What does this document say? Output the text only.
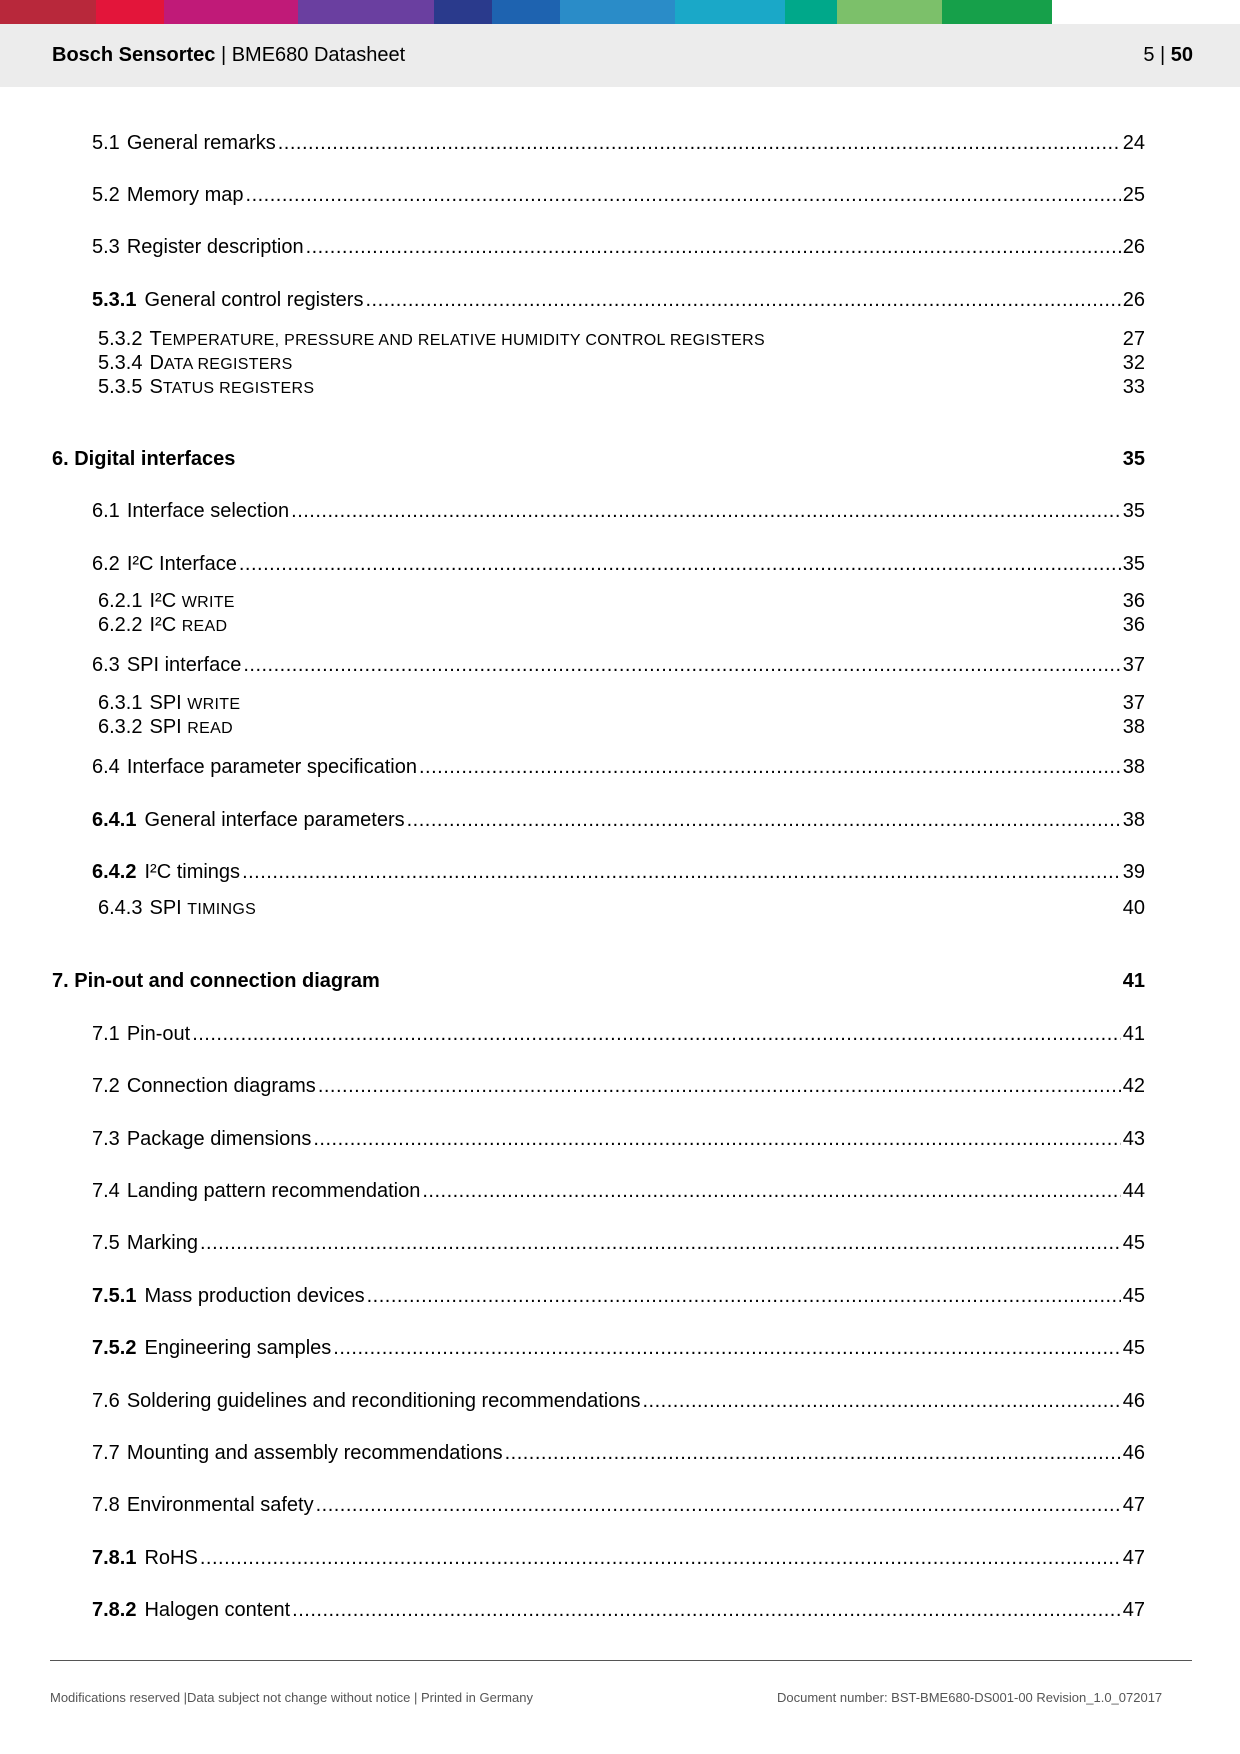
Bosch Sensortec | BME680 Datasheet	5 | 50
5.1 General remarks .....	24
5.2 Memory map .....	25
5.3 Register description .....	26
5.3.1 General control registers .....	26
5.3.2 TEMPERATURE, PRESSURE AND RELATIVE HUMIDITY CONTROL REGISTERS	27
5.3.4 DATA REGISTERS	32
5.3.5 STATUS REGISTERS	33
6. Digital interfaces	35
6.1 Interface selection .....	35
6.2 I²C Interface .....	35
6.2.1 I²C WRITE	36
6.2.2 I²C READ	36
6.3 SPI interface .....	37
6.3.1 SPI WRITE	37
6.3.2 SPI READ	38
6.4 Interface parameter specification .....	38
6.4.1 General interface parameters .....	38
6.4.2 I²C timings .....	39
6.4.3 SPI TIMINGS	40
7. Pin-out and connection diagram	41
7.1 Pin-out .....	41
7.2 Connection diagrams .....	42
7.3 Package dimensions .....	43
7.4 Landing pattern recommendation .....	44
7.5 Marking .....	45
7.5.1 Mass production devices .....	45
7.5.2 Engineering samples .....	45
7.6 Soldering guidelines and reconditioning recommendations .....	46
7.7 Mounting and assembly recommendations .....	46
7.8 Environmental safety .....	47
7.8.1 RoHS .....	47
7.8.2 Halogen content .....	47
Modifications reserved |Data subject not change without notice | Printed in Germany	Document number: BST-BME680-DS001-00 Revision_1.0_072017
